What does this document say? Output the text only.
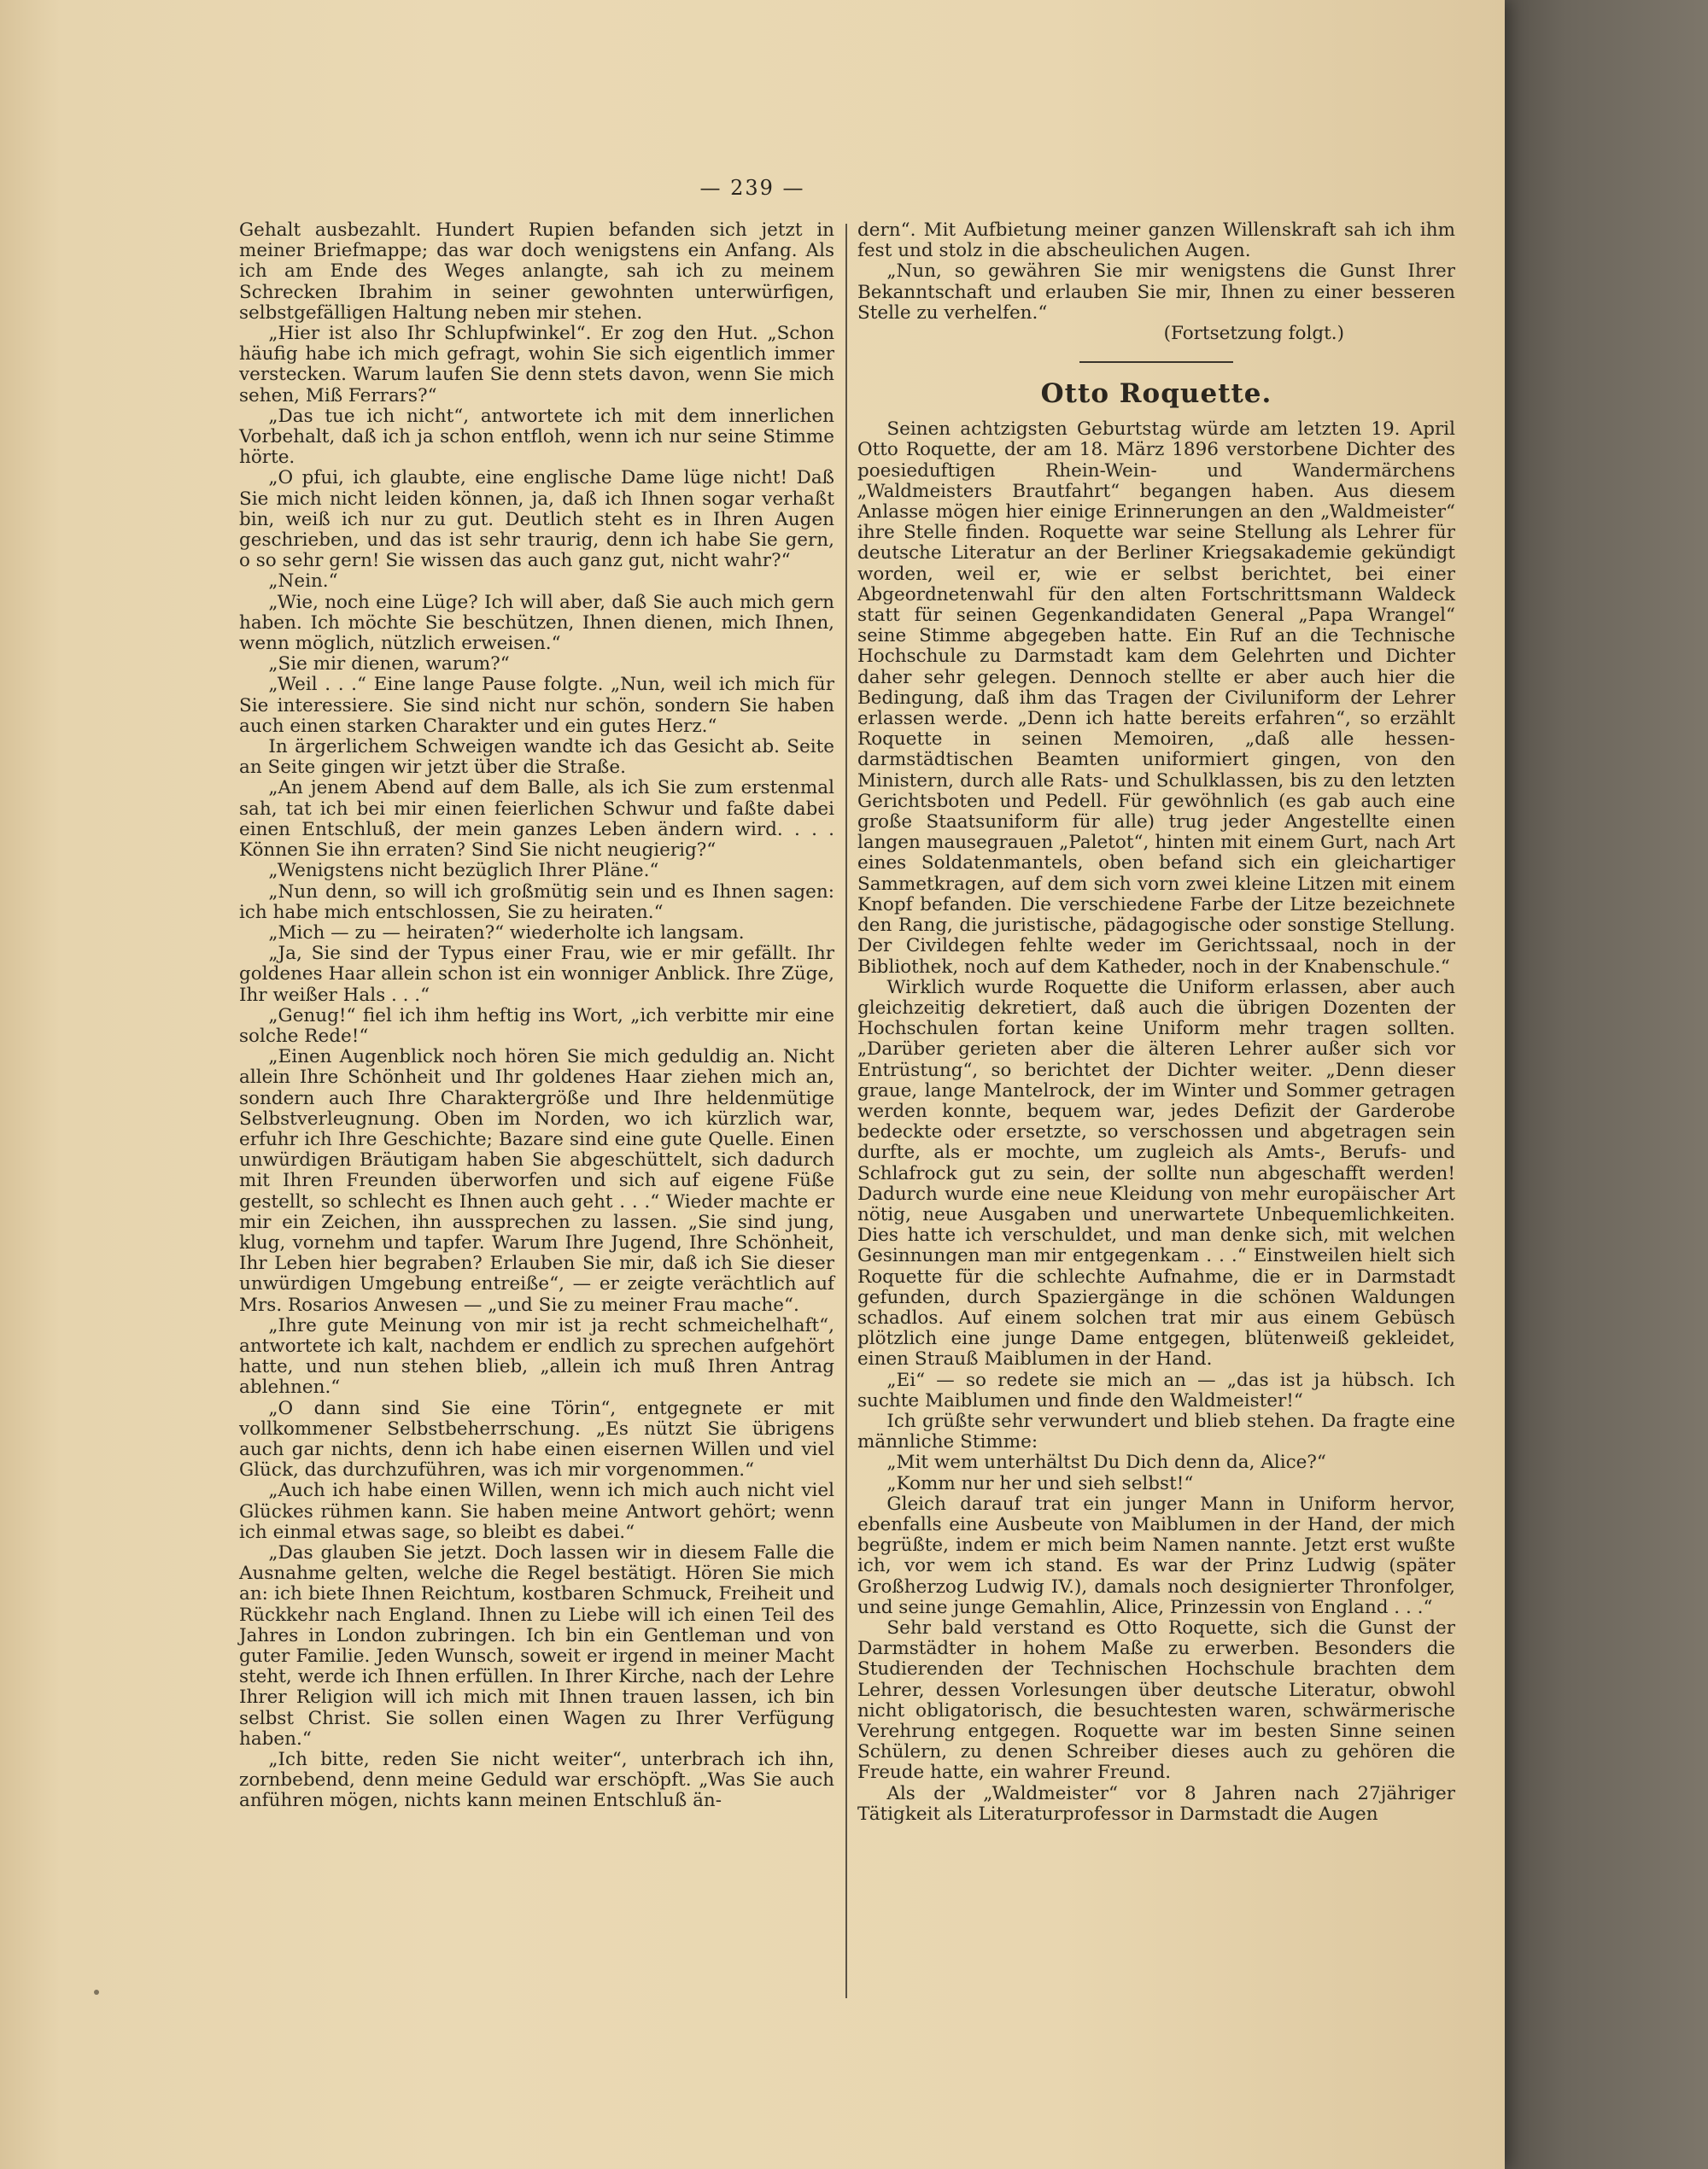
— 239 —

Gehalt ausbezahlt. Hundert Rupien befanden sich jetzt in meiner Briefmappe; das war doch wenigstens ein Anfang. Als ich am Ende des Weges anlangte, sah ich zu meinem Schrecken Ibrahim in seiner gewohnten unterwürfigen, selbstgefälligen Haltung neben mir stehen.

„Hier ist also Ihr Schlupfwinkel“. Er zog den Hut. „Schon häufig habe ich mich gefragt, wohin Sie sich eigentlich immer verstecken. Warum laufen Sie denn stets davon, wenn Sie mich sehen, Miß Ferrars?“

„Das tue ich nicht“, antwortete ich mit dem innerlichen Vorbehalt, daß ich ja schon entfloh, wenn ich nur seine Stimme hörte.

„O pfui, ich glaubte, eine englische Dame lüge nicht! Daß Sie mich nicht leiden können, ja, daß ich Ihnen sogar verhaßt bin, weiß ich nur zu gut. Deutlich steht es in Ihren Augen geschrieben, und das ist sehr traurig, denn ich habe Sie gern, o so sehr gern! Sie wissen das auch ganz gut, nicht wahr?“

„Nein.“

„Wie, noch eine Lüge? Ich will aber, daß Sie auch mich gern haben. Ich möchte Sie beschützen, Ihnen dienen, mich Ihnen, wenn möglich, nützlich erweisen.“

„Sie mir dienen, warum?“

„Weil . . .“ Eine lange Pause folgte. „Nun, weil ich mich für Sie interessiere. Sie sind nicht nur schön, sondern Sie haben auch einen starken Charakter und ein gutes Herz.“

In ärgerlichem Schweigen wandte ich das Gesicht ab. Seite an Seite gingen wir jetzt über die Straße.

„An jenem Abend auf dem Balle, als ich Sie zum erstenmal sah, tat ich bei mir einen feierlichen Schwur und faßte dabei einen Entschluß, der mein ganzes Leben ändern wird. . . . Können Sie ihn erraten? Sind Sie nicht neugierig?“

„Wenigstens nicht bezüglich Ihrer Pläne.“

„Nun denn, so will ich großmütig sein und es Ihnen sagen: ich habe mich entschlossen, Sie zu heiraten.“

„Mich — zu — heiraten?“ wiederholte ich langsam.

„Ja, Sie sind der Typus einer Frau, wie er mir gefällt. Ihr goldenes Haar allein schon ist ein wonniger Anblick. Ihre Züge, Ihr weißer Hals . . .“

„Genug!“ fiel ich ihm heftig ins Wort, „ich verbitte mir eine solche Rede!“

„Einen Augenblick noch hören Sie mich geduldig an. Nicht allein Ihre Schönheit und Ihr goldenes Haar ziehen mich an, sondern auch Ihre Charaktergröße und Ihre heldenmütige Selbstverleugnung. Oben im Norden, wo ich kürzlich war, erfuhr ich Ihre Geschichte; Bazare sind eine gute Quelle. Einen unwürdigen Bräutigam haben Sie abgeschüttelt, sich dadurch mit Ihren Freunden überworfen und sich auf eigene Füße gestellt, so schlecht es Ihnen auch geht . . .“ Wieder machte er mir ein Zeichen, ihn aussprechen zu lassen. „Sie sind jung, klug, vornehm und tapfer. Warum Ihre Jugend, Ihre Schönheit, Ihr Leben hier begraben? Erlauben Sie mir, daß ich Sie dieser unwürdigen Umgebung entreiße“, — er zeigte verächtlich auf Mrs. Rosarios Anwesen — „und Sie zu meiner Frau mache“.

„Ihre gute Meinung von mir ist ja recht schmeichelhaft“, antwortete ich kalt, nachdem er endlich zu sprechen aufgehört hatte, und nun stehen blieb, „allein ich muß Ihren Antrag ablehnen.“

„O dann sind Sie eine Törin“, entgegnete er mit vollkommener Selbstbeherrschung. „Es nützt Sie übrigens auch gar nichts, denn ich habe einen eisernen Willen und viel Glück, das durchzuführen, was ich mir vorgenommen.“

„Auch ich habe einen Willen, wenn ich mich auch nicht viel Glückes rühmen kann. Sie haben meine Antwort gehört; wenn ich einmal etwas sage, so bleibt es dabei.“

„Das glauben Sie jetzt. Doch lassen wir in diesem Falle die Ausnahme gelten, welche die Regel bestätigt. Hören Sie mich an: ich biete Ihnen Reichtum, kostbaren Schmuck, Freiheit und Rückkehr nach England. Ihnen zu Liebe will ich einen Teil des Jahres in London zubringen. Ich bin ein Gentleman und von guter Familie. Jeden Wunsch, soweit er irgend in meiner Macht steht, werde ich Ihnen erfüllen. In Ihrer Kirche, nach der Lehre Ihrer Religion will ich mich mit Ihnen trauen lassen, ich bin selbst Christ. Sie sollen einen Wagen zu Ihrer Verfügung haben.“

„Ich bitte, reden Sie nicht weiter“, unterbrach ich ihn, zornbebend, denn meine Geduld war erschöpft. „Was Sie auch anführen mögen, nichts kann meinen Entschluß än-

dern“. Mit Aufbietung meiner ganzen Willenskraft sah ich ihm fest und stolz in die abscheulichen Augen.

„Nun, so gewähren Sie mir wenigstens die Gunst Ihrer Bekanntschaft und erlauben Sie mir, Ihnen zu einer besseren Stelle zu verhelfen.“

(Fortsetzung folgt.)

Otto Roquette.

Seinen achtzigsten Geburtstag würde am letzten 19. April Otto Roquette, der am 18. März 1896 verstorbene Dichter des poesieduftigen Rhein-Wein- und Wandermärchens „Waldmeisters Brautfahrt“ begangen haben. Aus diesem Anlasse mögen hier einige Erinnerungen an den „Waldmeister“ ihre Stelle finden. Roquette war seine Stellung als Lehrer für deutsche Literatur an der Berliner Kriegsakademie gekündigt worden, weil er, wie er selbst berichtet, bei einer Abgeordnetenwahl für den alten Fortschrittsmann Waldeck statt für seinen Gegenkandidaten General „Papa Wrangel“ seine Stimme abgegeben hatte. Ein Ruf an die Technische Hochschule zu Darmstadt kam dem Gelehrten und Dichter daher sehr gelegen. Dennoch stellte er aber auch hier die Bedingung, daß ihm das Tragen der Civiluniform der Lehrer erlassen werde. „Denn ich hatte bereits erfahren“, so erzählt Roquette in seinen Memoiren, „daß alle hessen-darmstädtischen Beamten uniformiert gingen, von den Ministern, durch alle Rats- und Schulklassen, bis zu den letzten Gerichtsboten und Pedell. Für gewöhnlich (es gab auch eine große Staatsuniform für alle) trug jeder Angestellte einen langen mausegrauen „Paletot“, hinten mit einem Gurt, nach Art eines Soldatenmantels, oben befand sich ein gleichartiger Sammetkragen, auf dem sich vorn zwei kleine Litzen mit einem Knopf befanden. Die verschiedene Farbe der Litze bezeichnete den Rang, die juristische, pädagogische oder sonstige Stellung. Der Civildegen fehlte weder im Gerichtssaal, noch in der Bibliothek, noch auf dem Katheder, noch in der Knabenschule.“

Wirklich wurde Roquette die Uniform erlassen, aber auch gleichzeitig dekretiert, daß auch die übrigen Dozenten der Hochschulen fortan keine Uniform mehr tragen sollten. „Darüber gerieten aber die älteren Lehrer außer sich vor Entrüstung“, so berichtet der Dichter weiter. „Denn dieser graue, lange Mantelrock, der im Winter und Sommer getragen werden konnte, bequem war, jedes Defizit der Garderobe bedeckte oder ersetzte, so verschossen und abgetragen sein durfte, als er mochte, um zugleich als Amts-, Berufs- und Schlafrock gut zu sein, der sollte nun abgeschafft werden! Dadurch wurde eine neue Kleidung von mehr europäischer Art nötig, neue Ausgaben und unerwartete Unbequemlichkeiten. Dies hatte ich verschuldet, und man denke sich, mit welchen Gesinnungen man mir entgegenkam . . .“ Einstweilen hielt sich Roquette für die schlechte Aufnahme, die er in Darmstadt gefunden, durch Spaziergänge in die schönen Waldungen schadlos. Auf einem solchen trat mir aus einem Gebüsch plötzlich eine junge Dame entgegen, blütenweiß gekleidet, einen Strauß Maiblumen in der Hand.

„Ei“ — so redete sie mich an — „das ist ja hübsch. Ich suchte Maiblumen und finde den Waldmeister!“

Ich grüßte sehr verwundert und blieb stehen. Da fragte eine männliche Stimme:

„Mit wem unterhältst Du Dich denn da, Alice?“

„Komm nur her und sieh selbst!“

Gleich darauf trat ein junger Mann in Uniform hervor, ebenfalls eine Ausbeute von Maiblumen in der Hand, der mich begrüßte, indem er mich beim Namen nannte. Jetzt erst wußte ich, vor wem ich stand. Es war der Prinz Ludwig (später Großherzog Ludwig IV.), damals noch designierter Thronfolger, und seine junge Gemahlin, Alice, Prinzessin von England . . .“

Sehr bald verstand es Otto Roquette, sich die Gunst der Darmstädter in hohem Maße zu erwerben. Besonders die Studierenden der Technischen Hochschule brachten dem Lehrer, dessen Vorlesungen über deutsche Literatur, obwohl nicht obligatorisch, die besuchtesten waren, schwärmerische Verehrung entgegen. Roquette war im besten Sinne seinen Schülern, zu denen Schreiber dieses auch zu gehören die Freude hatte, ein wahrer Freund.

Als der „Waldmeister“ vor 8 Jahren nach 27jähriger Tätigkeit als Literaturprofessor in Darmstadt die Augen
